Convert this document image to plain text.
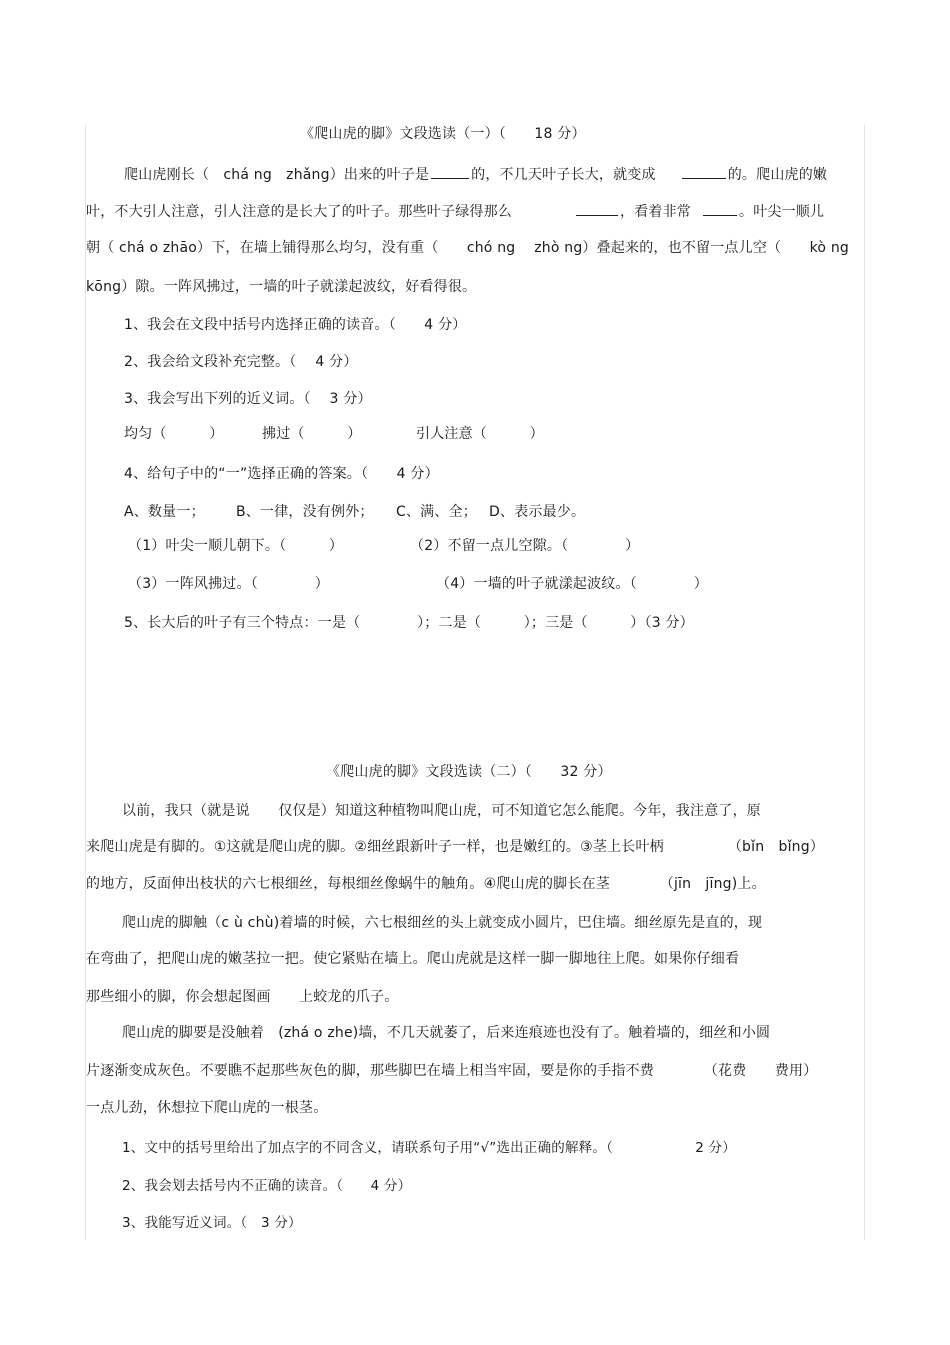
《爬山虎的脚》文段选读（一）（　　18 分）
爬山虎刚长（　chá ng　zhǎng）出来的叶子是	的，不几天叶子长大，就变成	的。爬山虎的嫩
叶，不大引人注意，引人注意的是长大了的叶子。那些叶子绿得那么	，看着非常	。叶尖一顺儿
朝（ chá o zhāo）下，在墙上铺得那么均匀，没有重（　　chó ng　 zhò ng）叠起来的，也不留一点儿空（　　kò ng
kōng）隙。一阵风拂过，一墙的叶子就漾起波纹，好看得很。
1、我会在文段中括号内选择正确的读音。（　　4 分）
2、我会给文段补充完整。（　 4 分）
3、我会写出下列的近义词。（　 3 分）
均匀（　　　）	拂过（　　　）	引人注意（　　　）
4、给句子中的“一”选择正确的答案。（　　4 分）
A、数量一； B、一律，没有例外； C、满、全； D、表示最少。
（1）叶尖一顺儿朝下。（　　　）	（2）不留一点儿空隙。（　　　　）
（3）一阵风拂过。（　　　　）	（4）一墙的叶子就漾起波纹。（　　　　）
5、长大后的叶子有三个特点：一是（　　　　）；二是（　　　）；三是（　　　）（3 分）
《爬山虎的脚》文段选读（二）（　　32 分）
以前，我只（就是说　　仅仅是）知道这种植物叫爬山虎，可不知道它怎么能爬。今年，我注意了，原
来爬山虎是有脚的。①这就是爬山虎的脚。②细丝跟新叶子一样，也是嫩红的。③茎上长叶柄　　　　　（bǐn　bǐng）
的地方，反面伸出枝状的六七根细丝，每根细丝像蜗牛的触角。④爬山虎的脚长在茎　　　　（jīn　jīng)上。
爬山虎的脚触（c ù chù)着墙的时候，六七根细丝的头上就变成小圆片，巴住墙。细丝原先是直的，现
在弯曲了，把爬山虎的嫩茎拉一把。使它紧贴在墙上。爬山虎就是这样一脚一脚地往上爬。如果你仔细看
那些细小的脚，你会想起图画　　上蛟龙的爪子。
爬山虎的脚要是没触着　(zhá o zhe)墙，不几天就萎了，后来连痕迹也没有了。触着墙的，细丝和小圆
片逐渐变成灰色。不要瞧不起那些灰色的脚，那些脚巴在墙上相当牢固，要是你的手指不费　　　　（花费　　费用）
一点儿劲，休想拉下爬山虎的一根茎。
1、文中的括号里给出了加点字的不同含义，请联系句子用“√”选出正确的解释。（　　　　　　2 分）
2、我会划去括号内不正确的读音。（　　4 分）
3、我能写近义词。（　3 分）
